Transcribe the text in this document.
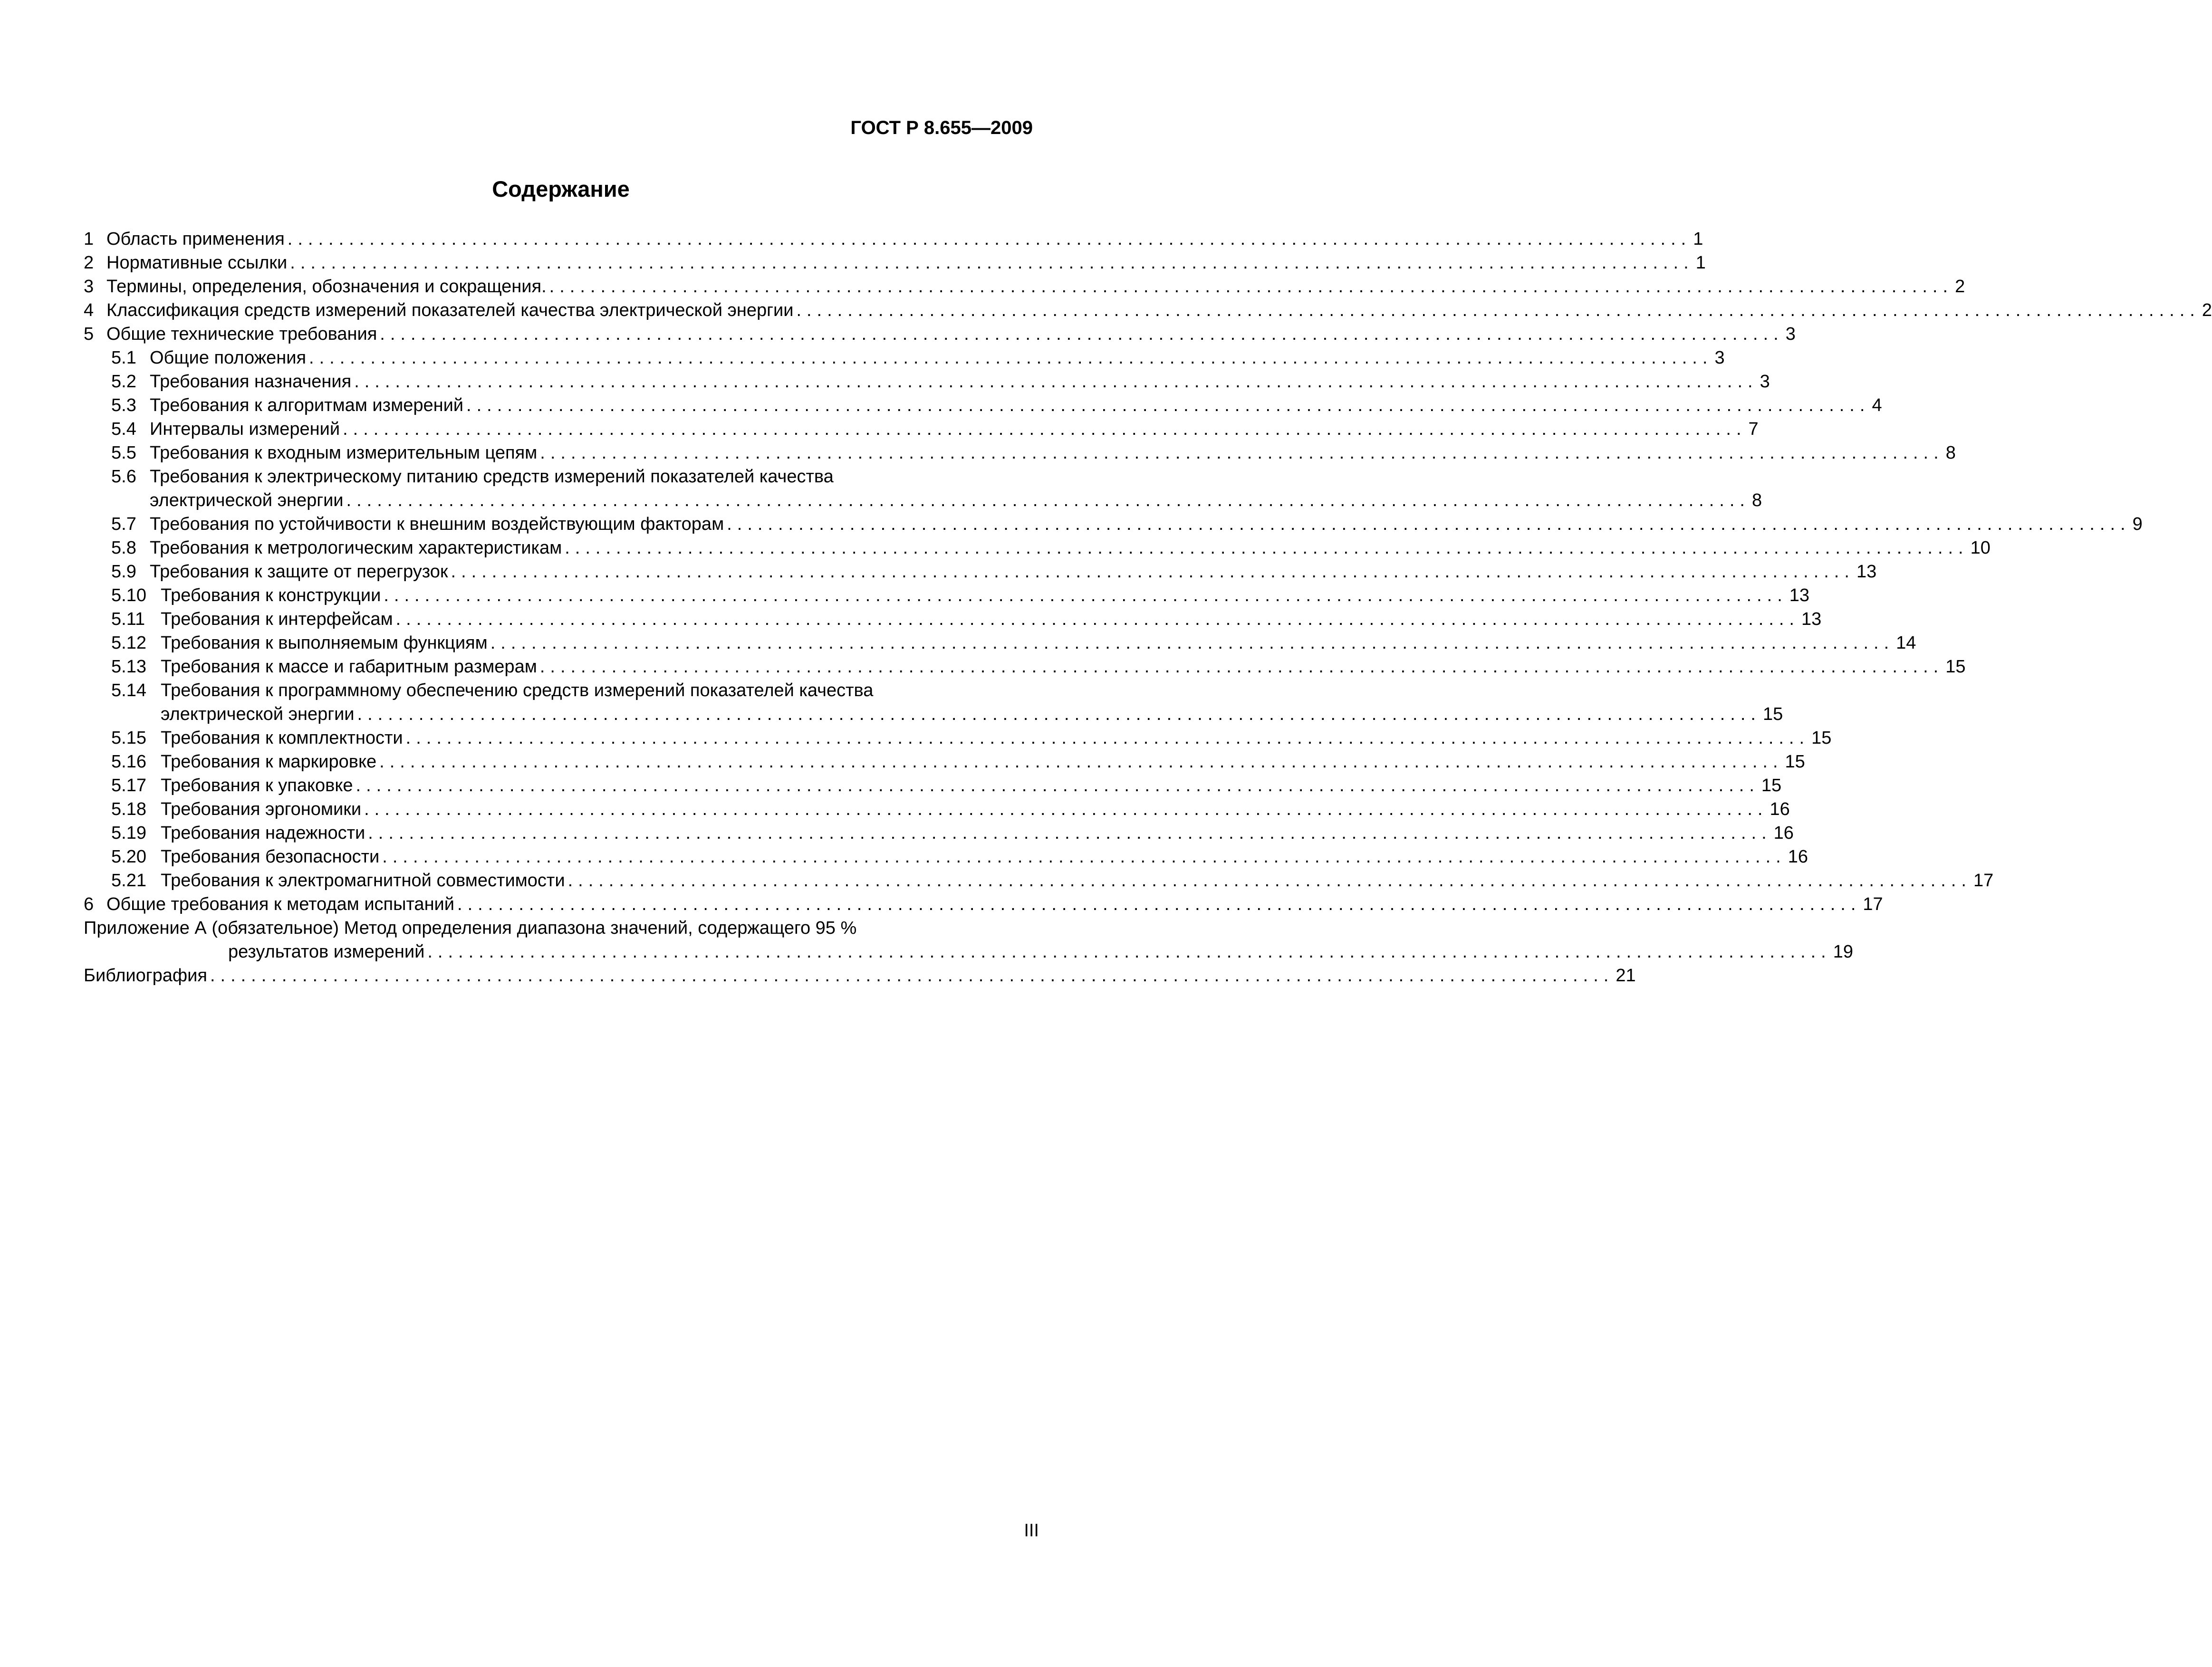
ГОСТ Р 8.655—2009
Содержание
1 Область применения ......................................................................................................................................... 1
2 Нормативные ссылки ......................................................................................................................................... 1
3 Термины, определения, обозначения и сокращения. ......................................................................................................................................... 2
4 Классификация средств измерений показателей качества электрической энергии ......................................................................................................................................... 2
5 Общие технические требования ......................................................................................................................................... 3
5.1 Общие положения ......................................................................................................................................... 3
5.2 Требования назначения ......................................................................................................................................... 3
5.3 Требования к алгоритмам измерений ......................................................................................................................................... 4
5.4 Интервалы измерений ......................................................................................................................................... 7
5.5 Требования к входным измерительным цепям ......................................................................................................................................... 8
5.6 Требования к электрическому питанию средств измерений показателей качества
электрической энергии ......................................................................................................................................... 8
5.7 Требования по устойчивости к внешним воздействующим факторам ......................................................................................................................................... 9
5.8 Требования к метрологическим характеристикам ......................................................................................................................................... 10
5.9 Требования к защите от перегрузок ......................................................................................................................................... 13
5.10 Требования к конструкции ......................................................................................................................................... 13
5.11 Требования к интерфейсам ......................................................................................................................................... 13
5.12 Требования к выполняемым функциям ......................................................................................................................................... 14
5.13 Требования к массе и габаритным размерам ......................................................................................................................................... 15
5.14 Требования к программному обеспечению средств измерений показателей качества
электрической энергии ......................................................................................................................................... 15
5.15 Требования к комплектности ......................................................................................................................................... 15
5.16 Требования к маркировке ......................................................................................................................................... 15
5.17 Требования к упаковке ......................................................................................................................................... 15
5.18 Требования эргономики ......................................................................................................................................... 16
5.19 Требования надежности ......................................................................................................................................... 16
5.20 Требования безопасности ......................................................................................................................................... 16
5.21 Требования к электромагнитной совместимости ......................................................................................................................................... 17
6 Общие требования к методам испытаний ......................................................................................................................................... 17
Приложение А (обязательное) Метод определения диапазона значений, содержащего 95 %
результатов измерений ......................................................................................................................................... 19
Библиография ......................................................................................................................................... 21
III
